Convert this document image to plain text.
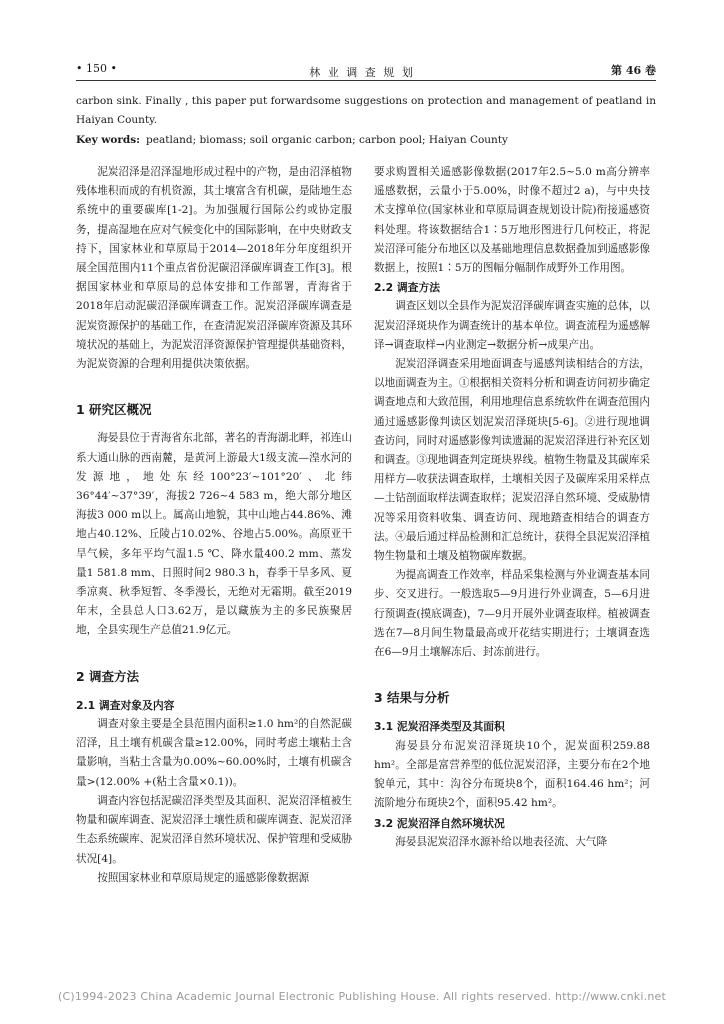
• 150 •	林 业 调 查 规 划	第 46 卷
carbon sink. Finally , this paper put forwardsome suggestions on protection and management of peatland in Haiyan County.
Key words: peatland; biomass; soil organic carbon; carbon pool; Haiyan County

泥炭沼泽是沼泽湿地形成过程中的产物，是由沼泽植物残体堆积而成的有机资源，其土壤富含有机碳，是陆地生态系统中的重要碳库[1-2]。为加强履行国际公约或协定服务，提高湿地在应对气候变化中的国际影响，在中央财政支持下，国家林业和草原局于2014—2018年分年度组织开展全国范围内11个重点省份泥碳沼泽碳库调查工作[3]。根据国家林业和草原局的总体安排和工作部署，青海省于2018年启动泥碳沼泽碳库调查工作。泥炭沼泽碳库调查是泥炭资源保护的基础工作，在查清泥炭沼泽碳库资源及其环境状况的基础上，为泥炭沼泽资源保护管理提供基础资料，为泥炭资源的合理利用提供决策依据。

1 研究区概况

海晏县位于青海省东北部，著名的青海湖北畔，祁连山系大通山脉的西南麓，是黄河上游最大1级支流—湟水河的发源地，地处东经100°23′~101°20′、北纬36°44′~37°39′，海拔2 726~4 583 m，绝大部分地区海拔3 000 m以上。属高山地貌，其中山地占44.86%、滩地占40.12%、丘陵占10.02%、谷地占5.00%。高原亚干旱气候，多年平均气温1.5 ℃、降水量400.2 mm、蒸发量1 581.8 mm、日照时间2 980.3 h，春季干旱多风、夏季凉爽、秋季短暂、冬季漫长，无绝对无霜期。截至2019年末，全县总人口3.62万，是以藏族为主的多民族聚居地，全县实现生产总值21.9亿元。

2 调查方法
2.1 调查对象及内容

调查对象主要是全县范围内面积≥1.0 hm²的自然泥碳沼泽，且土壤有机碳含量≥12.00%，同时考虑土壤粘土含量影响，当粘土含量为0.00%~60.00%时，土壤有机碳含量>(12.00% +(粘土含量×0.1))。

调查内容包括泥碳沼泽类型及其面积、泥炭沼泽植被生物量和碳库调查、泥炭沼泽土壤性质和碳库调查、泥炭沼泽生态系统碳库、泥炭沼泽自然环境状况、保护管理和受威胁状况[4]。

按照国家林业和草原局规定的遥感影像数据源

要求购置相关遥感影像数据(2017年2.5~5.0 m高分辨率遥感数据，云量小于5.00%，时像不超过2 a)，与中央技术支撑单位(国家林业和草原局调查规划设计院)衔接遥感资料处理。将该数据结合1∶5万地形图进行几何校正，将泥炭沼泽可能分布地区以及基础地理信息数据叠加到遥感影像数据上，按照1∶5万的图幅分幅制作成野外工作用图。

2.2 调查方法

调查区划以全县作为泥炭沼泽碳库调查实施的总体，以泥炭沼泽斑块作为调查统计的基本单位。调查流程为遥感解译→调查取样→内业测定→数据分析→成果产出。

泥炭沼泽调查采用地面调查与遥感判读相结合的方法，以地面调查为主。①根据相关资料分析和调查访问初步确定调查地点和大致范围，利用地理信息系统软件在调查范围内通过遥感影像判读区划泥炭沼泽斑块[5-6]。②进行现地调查访问，同时对遥感影像判读遗漏的泥炭沼泽进行补充区划和调查。③现地调查判定斑块界线。植物生物量及其碳库采用样方—收获法调查取样，土壤相关因子及碳库采用采样点—土钻剖面取样法调查取样；泥炭沼泽自然环境、受威胁情况等采用资料收集、调查访问、现地踏查相结合的调查方法。④最后通过样品检测和汇总统计，获得全县泥炭沼泽植物生物量和土壤及植物碳库数据。

为提高调查工作效率，样品采集检测与外业调查基本同步、交叉进行。一般选取5—9月进行外业调查，5—6月进行预调查(摸底调查)，7—9月开展外业调查取样。植被调查选在7—8月间生物量最高或开花结实期进行；土壤调查选在6—9月土壤解冻后、封冻前进行。

3 结果与分析
3.1 泥炭沼泽类型及其面积

海晏县分布泥炭沼泽斑块10个，泥炭面积259.88 hm²。全部是富营养型的低位泥炭沼泽，主要分布在2个地貌单元，其中：沟谷分布斑块8个，面积164.46 hm²；河流阶地分布斑块2个，面积95.42 hm²。

3.2 泥炭沼泽自然环境状况

海晏县泥炭沼泽水源补给以地表径流、大气降

(C)1994-2023 China Academic Journal Electronic Publishing House. All rights reserved. http://www.cnki.net
